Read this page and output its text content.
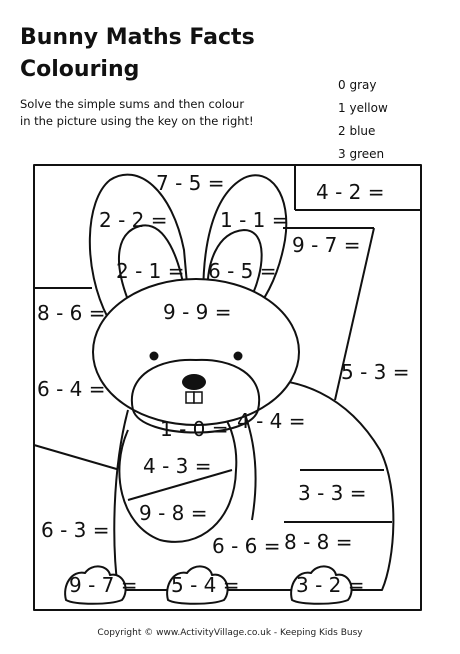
Bunny Maths Facts
Colouring
Solve the simple sums and then colour
in the picture using the key on the right!
0 gray
1 yellow
2 blue
3 green
7 - 5 =
2 - 2 =	1 - 1 =
4 - 2 =
9 - 7 =
2 - 1 = 6 - 5 =
8 - 6 =	9 - 9 =
5 - 3 =
6 - 4 =
1 - 0 = 4 - 4 =
4 - 3 =
3 - 3 =
9 - 8 =
6 - 3 =
6 - 6 = 8 - 8 =
9 - 7 = 5 - 4 =	3 - 2 =
Copyright © www.ActivityVillage.co.uk - Keeping Kids Busy
